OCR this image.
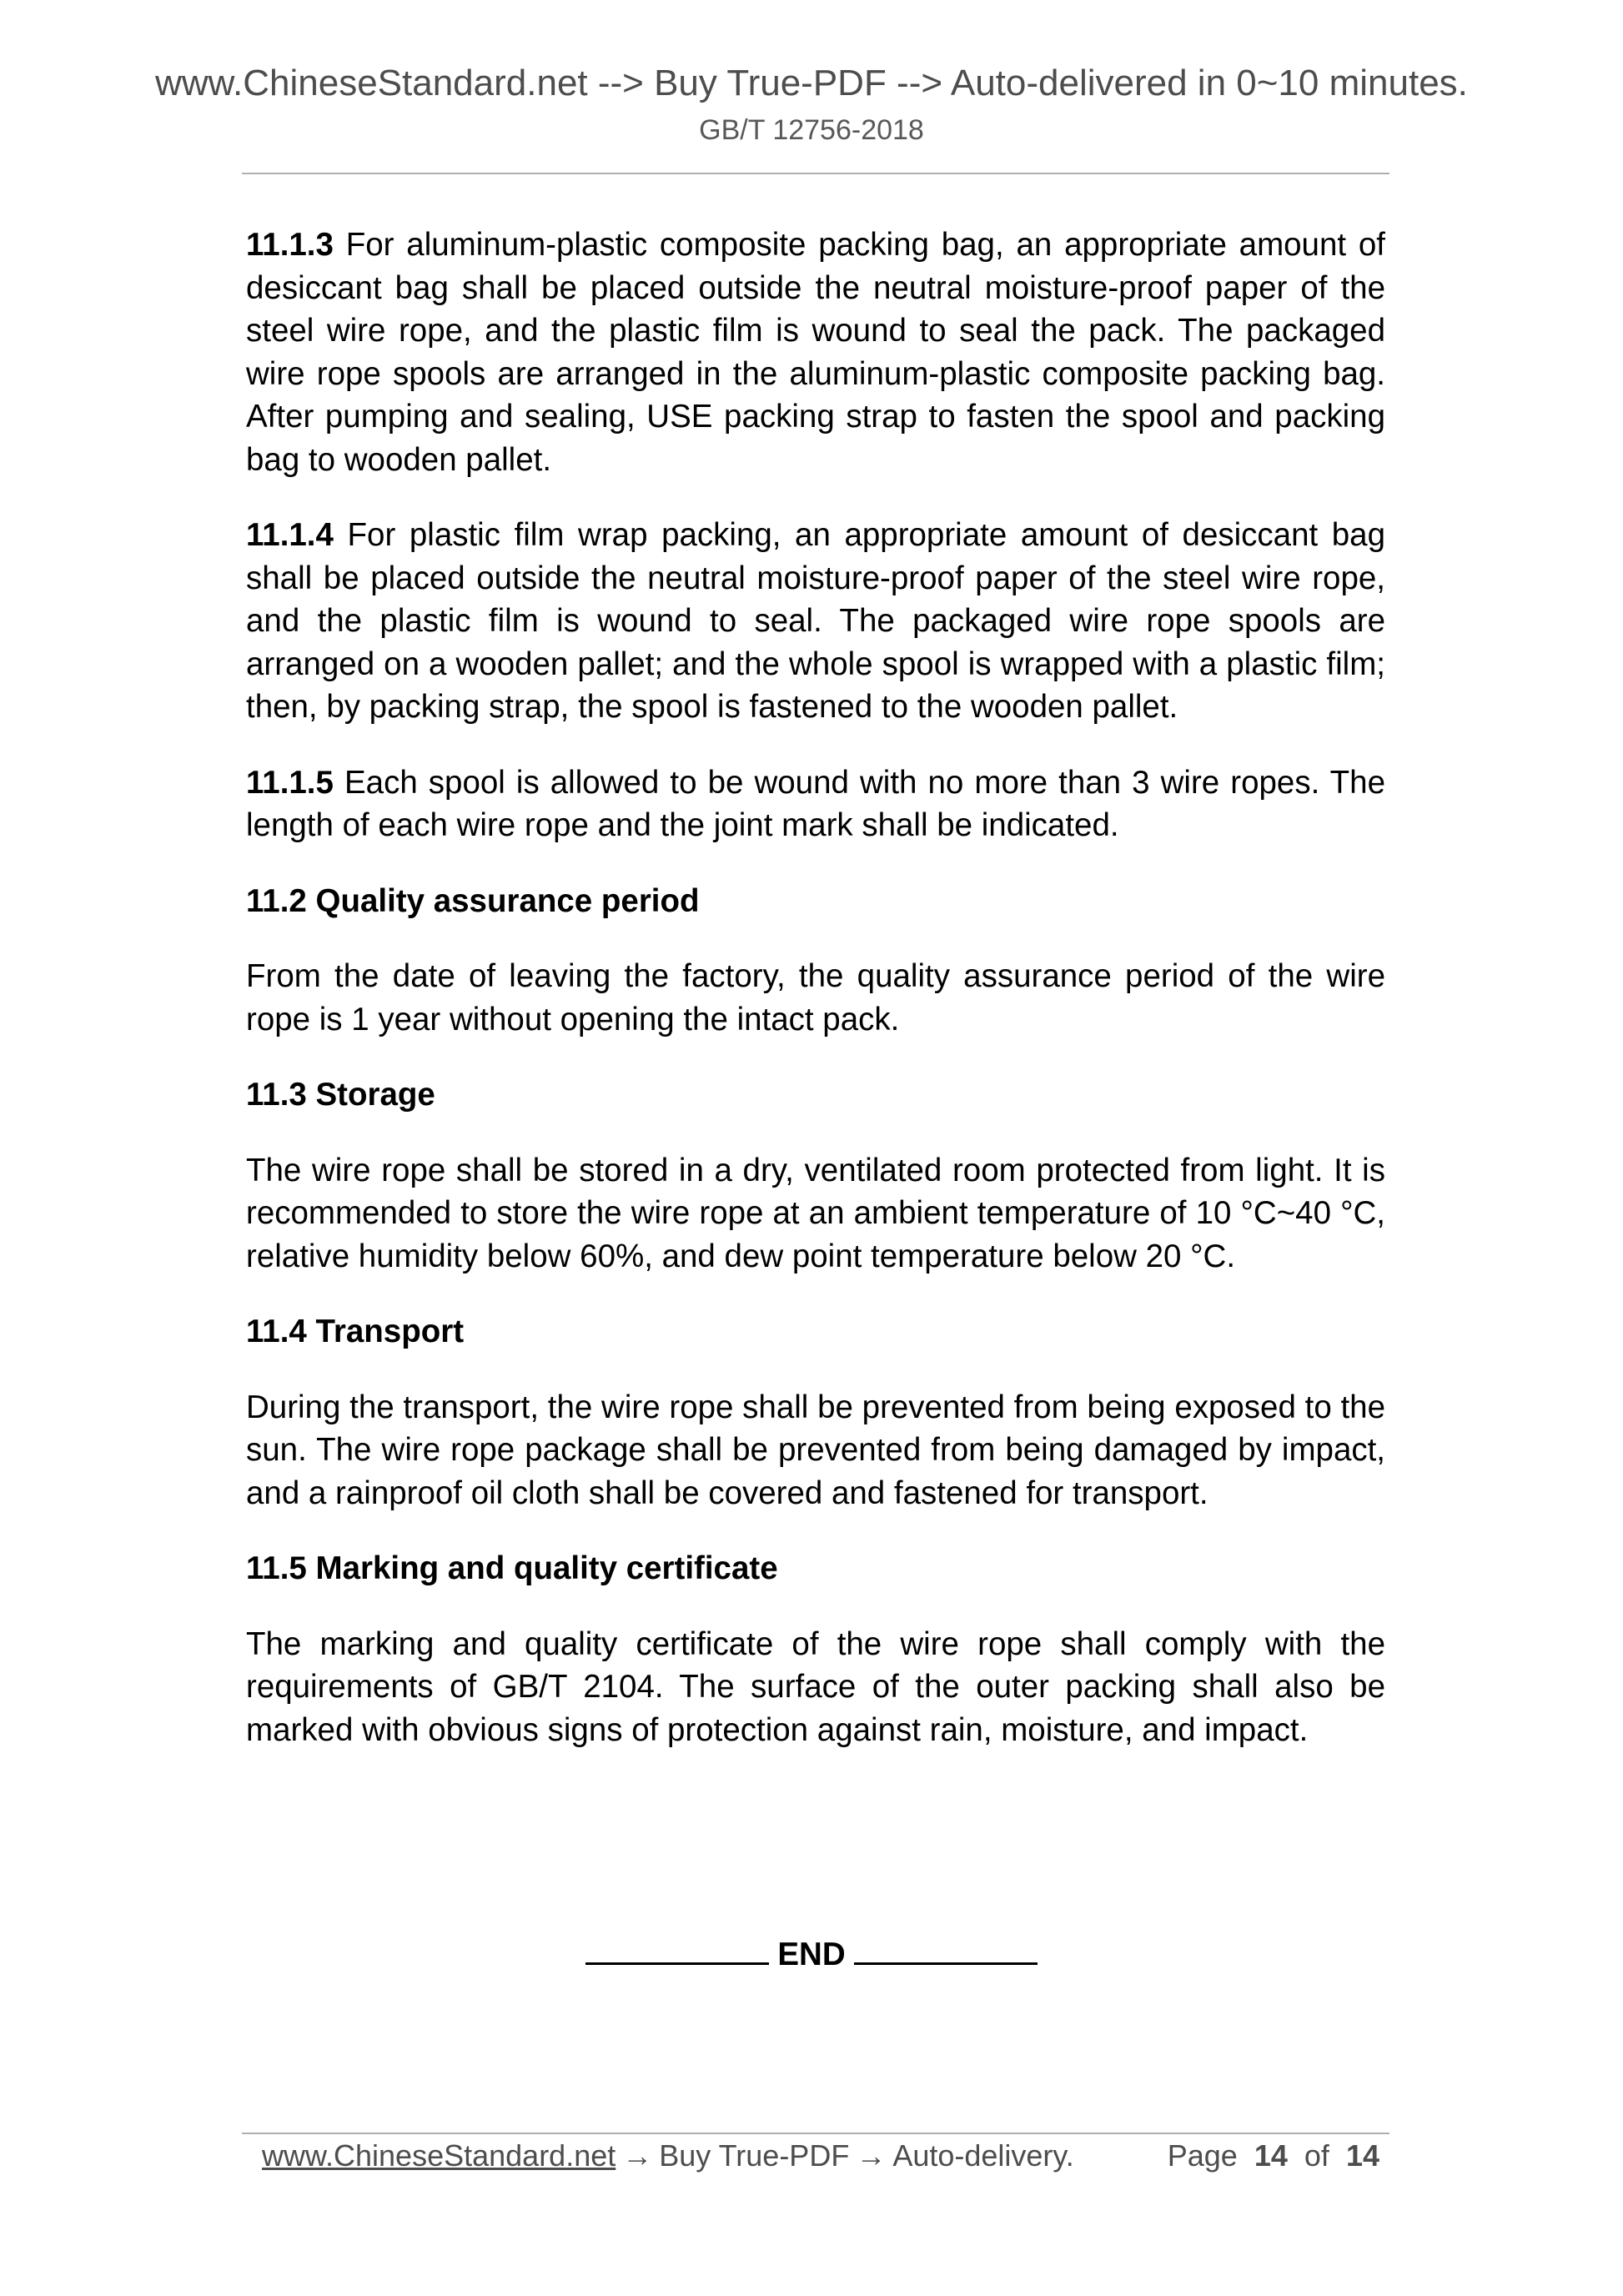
www.ChineseStandard.net --> Buy True-PDF --> Auto-delivered in 0~10 minutes.
GB/T 12756-2018

11.1.3 For aluminum-plastic composite packing bag, an appropriate amount of desiccant bag shall be placed outside the neutral moisture-proof paper of the steel wire rope, and the plastic film is wound to seal the pack. The packaged wire rope spools are arranged in the aluminum-plastic composite packing bag. After pumping and sealing, USE packing strap to fasten the spool and packing bag to wooden pallet.

11.1.4 For plastic film wrap packing, an appropriate amount of desiccant bag shall be placed outside the neutral moisture-proof paper of the steel wire rope, and the plastic film is wound to seal. The packaged wire rope spools are arranged on a wooden pallet; and the whole spool is wrapped with a plastic film; then, by packing strap, the spool is fastened to the wooden pallet.

11.1.5 Each spool is allowed to be wound with no more than 3 wire ropes. The length of each wire rope and the joint mark shall be indicated.

11.2 Quality assurance period

From the date of leaving the factory, the quality assurance period of the wire rope is 1 year without opening the intact pack.

11.3 Storage

The wire rope shall be stored in a dry, ventilated room protected from light. It is recommended to store the wire rope at an ambient temperature of 10 °C~40 °C, relative humidity below 60%, and dew point temperature below 20 °C.

11.4 Transport

During the transport, the wire rope shall be prevented from being exposed to the sun. The wire rope package shall be prevented from being damaged by impact, and a rainproof oil cloth shall be covered and fastened for transport.

11.5 Marking and quality certificate

The marking and quality certificate of the wire rope shall comply with the requirements of GB/T 2104. The surface of the outer packing shall also be marked with obvious signs of protection against rain, moisture, and impact.

END
www.ChineseStandard.net → Buy True-PDF → Auto-delivery.	Page 14 of 14
